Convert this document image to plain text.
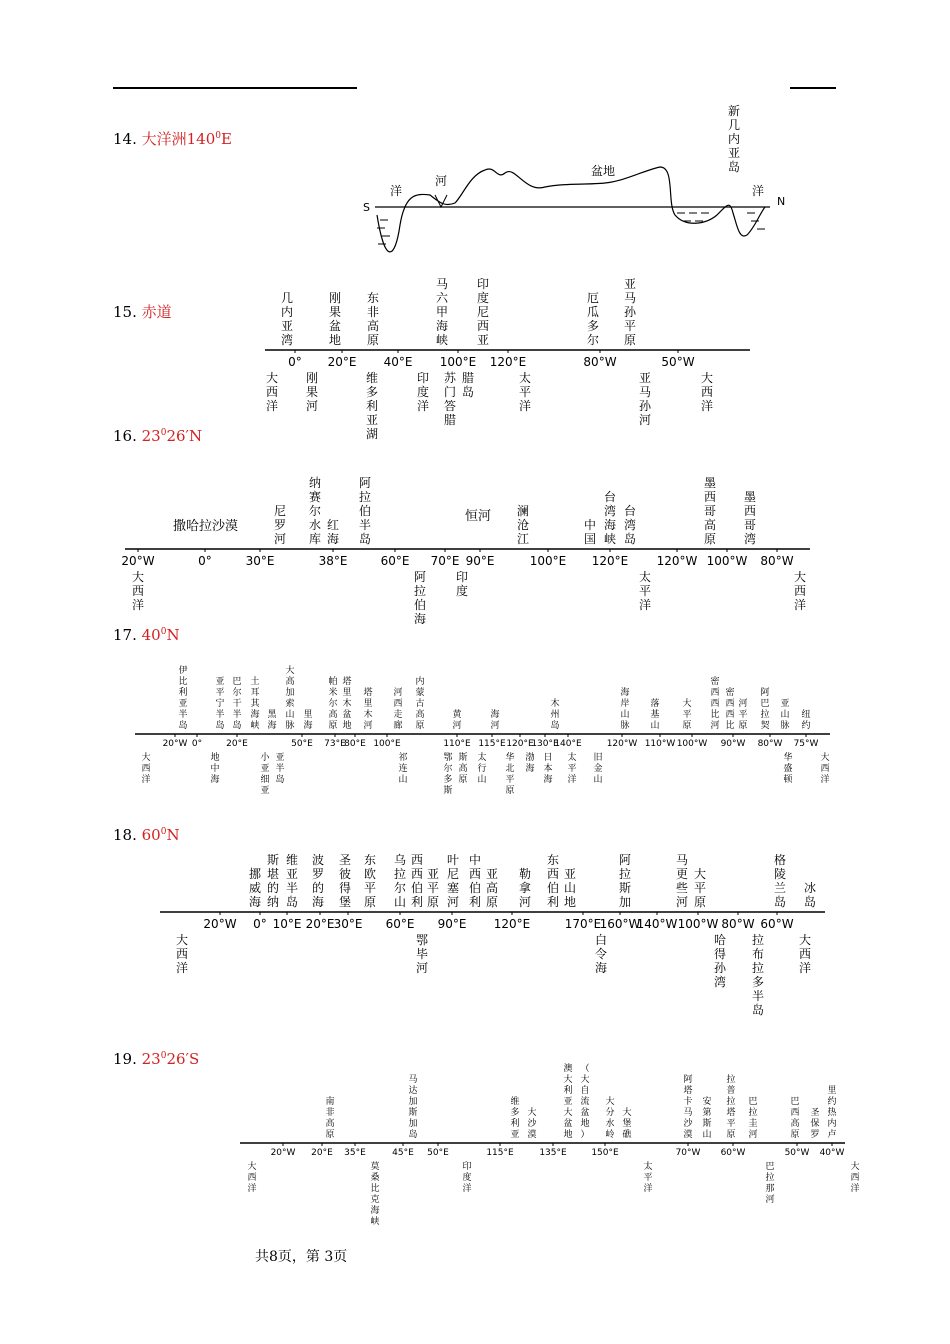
14. 大洋洲$140^0E$
S	N
洋
河
盆地
洋
新
几
内
亚
岛
15. 赤道
几
内
亚
湾
刚
果
盆
地
东
非
高
原
马
六
甲
海
峡
印
度
尼
西
亚
厄
瓜
多
尔
亚
马
孙
平
原
0° 20°E 40°E 100°E 120°E	80°W	50°W
大
西
洋
刚
果
河
维
多
利
亚
湖
印
度
洋
苏
门
答
腊
腊
岛
太
平
洋
亚
马
孙
河
大
西
洋
16. $23^026'N$
尼
罗
河
纳
赛
尔
水
库
红
海
阿
拉
伯
半
岛
澜
沧
江
中
国
台
湾
海
峡
台
湾
岛
墨
西
哥
高
原
墨
西
哥
湾
20°W	0°	30°E	38°E	60°E 70°E 90°E	100°E 120°E 120°W 100°W 80°W
大
西
洋
阿
拉
伯
海
印
度
太
平
洋
大
西
洋
撒哈拉沙漠
恒河
17. $40^0N$
伊
比
利
亚
半
岛
亚
平
宁
半
岛
巴
尔
干
半
岛
土
耳
其
海
峡
黑
海
大
高
加
索
山
脉
里
海
帕
米
尔
高
原
塔
里
木
盆
地
塔
里
木
河
河
西
走
廊
内
蒙
古
高
原
黄
河
海
河
木
州
岛
海
岸
山
脉
落
基
山
大
平
原
密
西
西
比
河
密
西
西
比
河
平
原
阿
巴
拉
契
亚
山
脉
纽
约
20°W 0°	20°E	50°E 73°E
80°E 100°E	110°E 115°E 120°E
130°E
140°E	120°W 110°W 100°W 90°W 80°W 75°W
大
西
洋
地
中
海
小
亚
细
亚
亚
半
岛
祁
连
山
鄂
尔
多
斯
斯
高
原
太
行
山
华
北
平
原
渤
海
日
本
海
太
平
洋
旧
金
山
华
盛
顿
大
西
洋
18. $60^0N$
挪
威
海
斯
堪
的
纳
维
亚
半
岛
波
罗
的
海
圣
彼
得
堡
东
欧
平
原
乌
拉
尔
山
西
西
伯
利
亚
平
原
叶
尼
塞
河
中
西
伯
利
亚
高
原
勒
拿
河
东
西
伯
利
亚
山
地
阿
拉
斯
加
马
更
些
河
大
平
原
格
陵
兰
岛
冰
岛
20°W 0° 10°E 20°E 30°E 60°E 90°E 120°E	170°E
160°W
140°W 100°W 80°W 60°W
大
西
洋
鄂
毕
河
白
令
海
哈
得
孙
湾
拉
布
拉
多
半
岛
大
西
洋
19. $23^026'S$
南
非
高
原
马
达
加
斯
加
岛
维
多
利
亚
大
沙
漠
澳
大
利
亚
大
盆
地
（
大
自
流
盆
地
）
大
分
水
岭
大
堡
礁
阿
塔
卡
马
沙
漠
安
第
斯
山
拉
普
拉
塔
平
原
巴
拉
圭
河
巴
西
高
原
里
约
热
内
卢
圣
保
罗
20°W 20°E 35°E	45°E 50°E	115°E	135°E	150°E	70°W 60°W	50°W 40°W
大
西
洋
莫
桑
比
克
海
峡
印
度
洋
太
平
洋
巴
拉
那
河
大
西
洋
共8页，第 3页
